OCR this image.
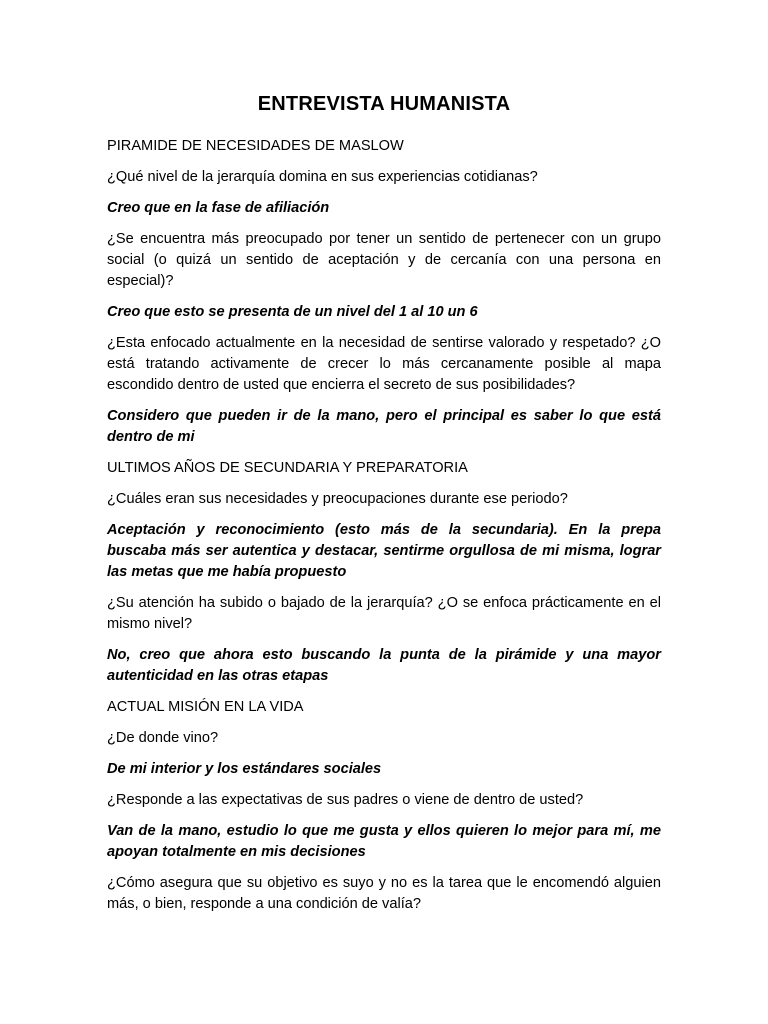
ENTREVISTA HUMANISTA
PIRAMIDE DE NECESIDADES DE MASLOW
¿Qué nivel de la jerarquía domina en sus experiencias cotidianas?
Creo que en la fase de afiliación
¿Se encuentra más preocupado por tener un sentido de pertenecer con un grupo
social (o quizá un sentido de aceptación y de cercanía con una persona en
especial)?
Creo que esto se presenta de un nivel del 1 al 10 un 6
¿Esta enfocado actualmente en la necesidad de sentirse valorado y respetado? ¿O
está tratando activamente de crecer lo más cercanamente posible al mapa
escondido dentro de usted que encierra el secreto de sus posibilidades?
Considero que pueden ir de la mano, pero el principal es saber lo que está
dentro de mi
ULTIMOS AÑOS DE SECUNDARIA Y PREPARATORIA
¿Cuáles eran sus necesidades y preocupaciones durante ese periodo?
Aceptación y reconocimiento (esto más de la secundaria). En la prepa
buscaba más ser autentica y destacar, sentirme orgullosa de mi misma, lograr
las metas que me había propuesto
¿Su atención ha subido o bajado de la jerarquía? ¿O se enfoca prácticamente en el
mismo nivel?
No, creo que ahora esto buscando la punta de la pirámide y una mayor
autenticidad en las otras etapas
ACTUAL MISIÓN EN LA VIDA
¿De donde vino?
De mi interior y los estándares sociales
¿Responde a las expectativas de sus padres o viene de dentro de usted?
Van de la mano, estudio lo que me gusta y ellos quieren lo mejor para mí, me
apoyan totalmente en mis decisiones
¿Cómo asegura que su objetivo es suyo y no es la tarea que le encomendó alguien
más, o bien, responde a una condición de valía?
